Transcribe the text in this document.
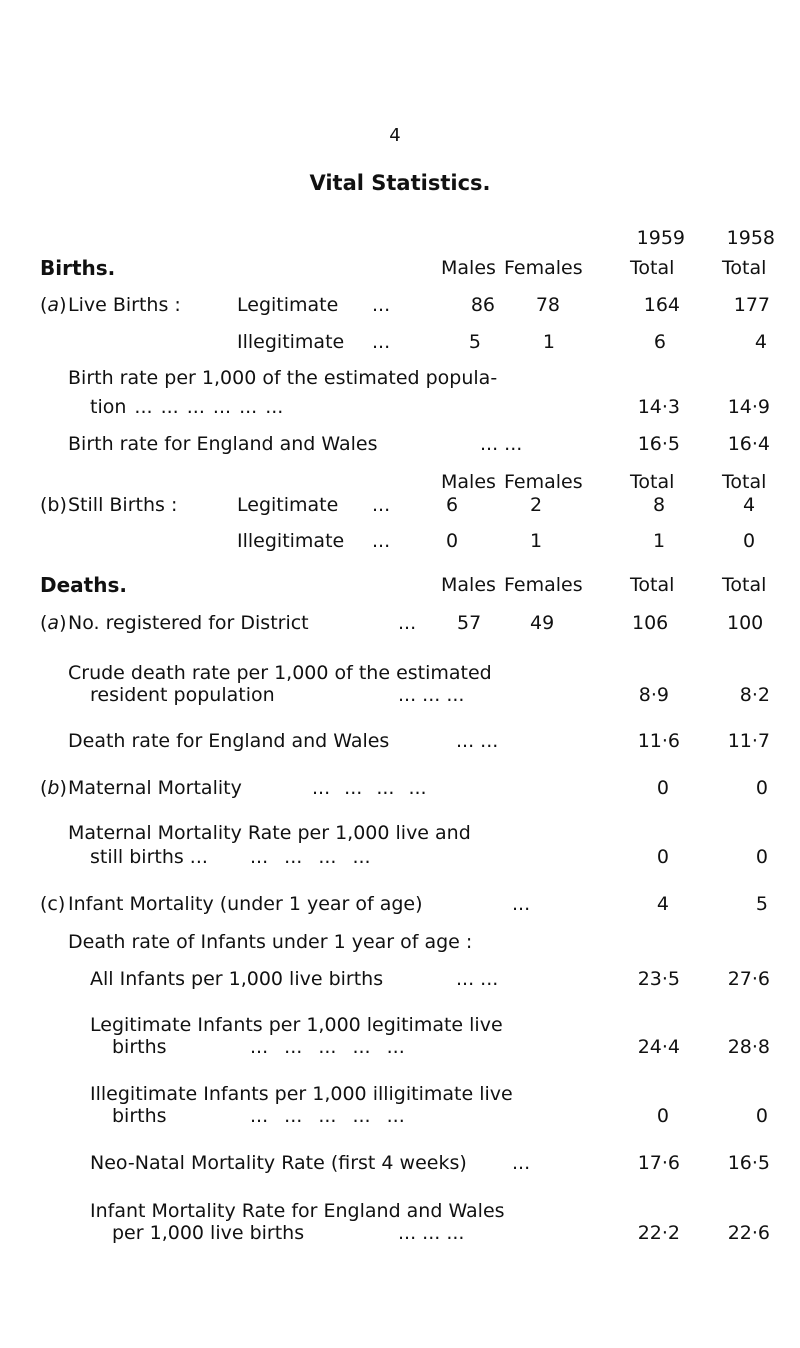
4
Vital Statistics.
1959	1958
Births.	Males Females Total	Total
(a) Live Births :	Legitimate ...	86	78	164	177
Illegitimate ...	5	1	6	4
Birth rate per 1,000 of the estimated popula-
tion ... ... ... ... ... ...	14·3	14·9
Birth rate for England and Wales	... ...	16·5	16·4
Males Females Total	Total
(b) Still Births :	Legitimate ...	6	2	8	4
Illegitimate ...	0	1	1	0
Deaths.	Males Females Total	Total
(a) No. registered for District	... 57	49	106	100
Crude death rate per 1,000 of the estimated
resident population	... ... ...	8·9	8·2
Death rate for England and Wales	... ...	11·6	11·7
(b) Maternal Mortality	... ... ... ...	0	0
Maternal Mortality Rate per 1,000 live and
still births ... ... ... ... ...	0	0
(c) Infant Mortality (under 1 year of age)	...	4	5
Death rate of Infants under 1 year of age :
All Infants per 1,000 live births	... ...	23·5	27·6
Legitimate Infants per 1,000 legitimate live
births	... ... ... ... ...	24·4	28·8
Illegitimate Infants per 1,000 illigitimate live
births	... ... ... ... ...	0	0
Neo-Natal Mortality Rate (first 4 weeks) ...	17·6	16·5
Infant Mortality Rate for England and Wales
per 1,000 live births	... ... ...	22·2	22·6
